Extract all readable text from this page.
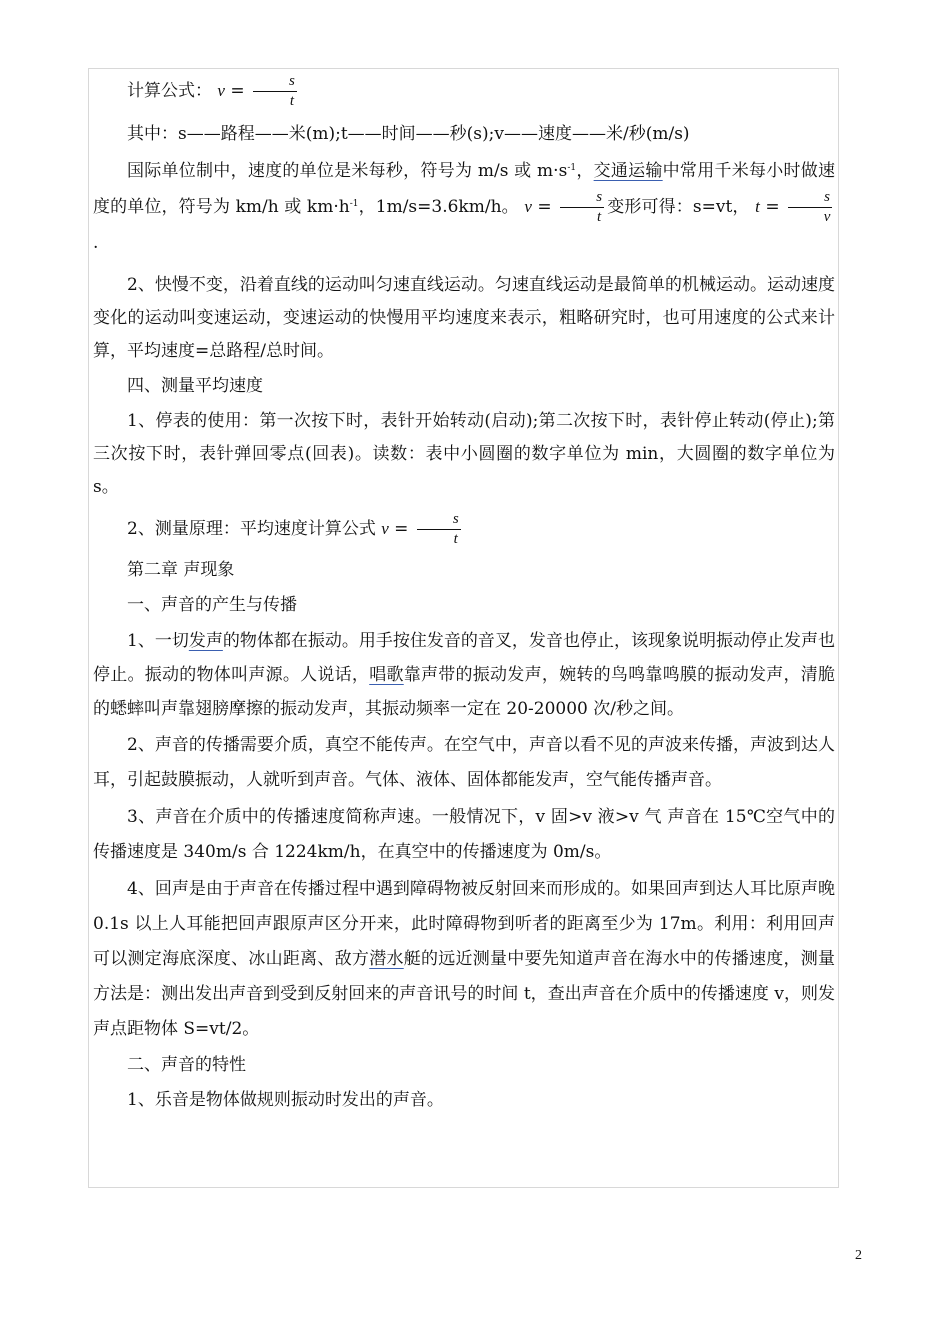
计算公式： $v = \frac{s}{t}$

其中：s——路程——米(m);t——时间——秒(s);v——速度——米/秒(m/s)

国际单位制中，速度的单位是米每秒，符号为 m/s 或 $m\cdot s^{-1}$，交通运输中常用千米每小时做速度的单位，符号为 km/h 或 $km\cdot h^{-1}$，1m/s=3.6km/h。 $v = \frac{s}{t}$ 变形可得：s=vt， $t = \frac{s}{v}$
.

2、快慢不变，沿着直线的运动叫匀速直线运动。匀速直线运动是最简单的机械运动。运动速度变化的运动叫变速运动，变速运动的快慢用平均速度来表示，粗略研究时，也可用速度的公式来计算，平均速度=总路程/总时间。

四、测量平均速度

1、停表的使用：第一次按下时，表针开始转动(启动);第二次按下时，表针停止转动(停止);第三次按下时，表针弹回零点(回表)。读数：表中小圆圈的数字单位为 min，大圆圈的数字单位为 s。

2、测量原理：平均速度计算公式 $v = \frac{s}{t}$

第二章 声现象

一、声音的产生与传播

1、一切发声的物体都在振动。用手按住发音的音叉，发音也停止，该现象说明振动停止发声也停止。振动的物体叫声源。人说话，唱歌靠声带的振动发声，婉转的鸟鸣靠鸣膜的振动发声，清脆的蟋蟀叫声靠翅膀摩擦的振动发声，其振动频率一定在 20-20000 次/秒之间。

2、声音的传播需要介质，真空不能传声。在空气中，声音以看不见的声波来传播，声波到达人耳，引起鼓膜振动，人就听到声音。气体、液体、固体都能发声，空气能传播声音。

3、声音在介质中的传播速度简称声速。一般情况下，v 固>v 液>v 气 声音在 15℃空气中的传播速度是 340m/s 合 1224km/h，在真空中的传播速度为 0m/s。

4、回声是由于声音在传播过程中遇到障碍物被反射回来而形成的。如果回声到达人耳比原声晚 0.1s 以上人耳能把回声跟原声区分开来，此时障碍物到听者的距离至少为 17m。利用：利用回声可以测定海底深度、冰山距离、敌方潜水艇的远近测量中要先知道声音在海水中的传播速度，测量方法是：测出发出声音到受到反射回来的声音讯号的时间 t，查出声音在介质中的传播速度 v，则发声点距物体 S=vt/2。

二、声音的特性

1、乐音是物体做规则振动时发出的声音。

2
